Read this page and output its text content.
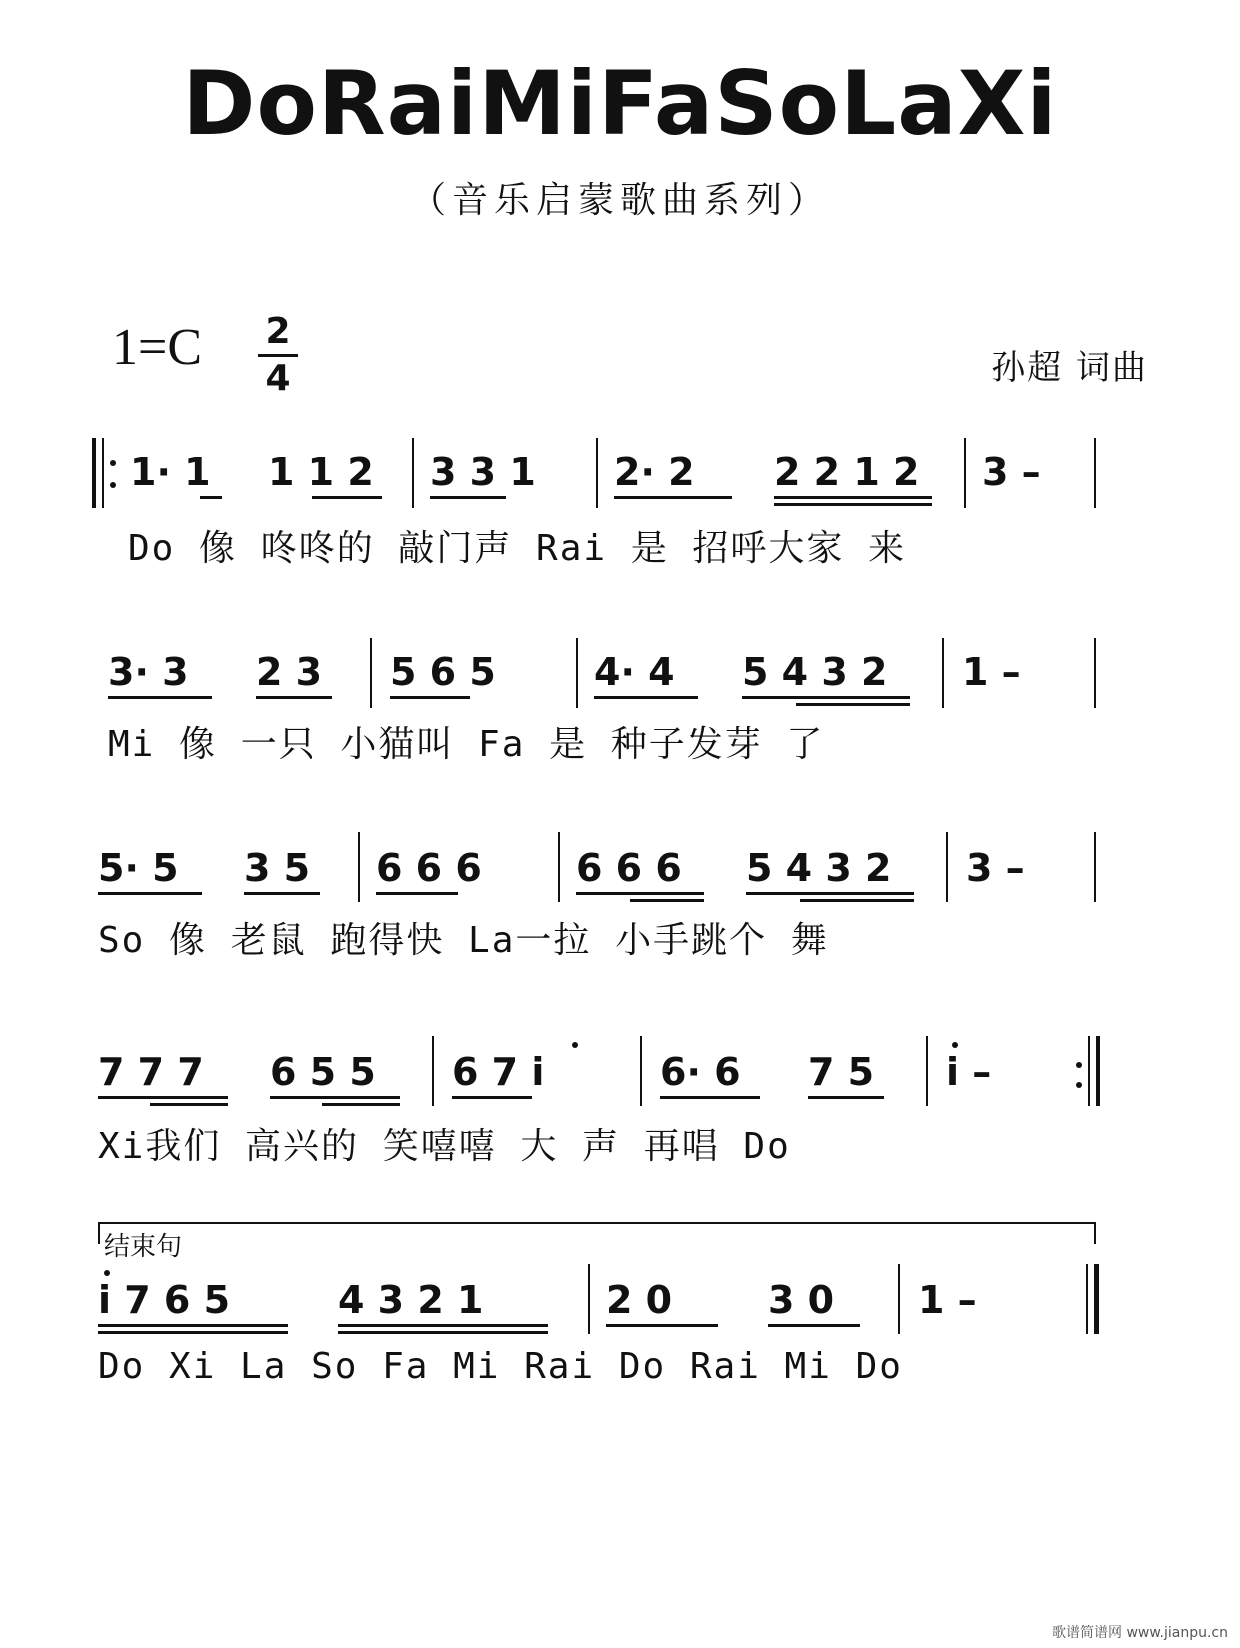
DoRaiMiFaSoLaXi
（音乐启蒙歌曲系列）
1=C 2
4	孙超 词曲
1· 1 1 1 2 3 3 1 2· 2 2 2 1 2 3 –
Do 像 咚咚的 敲门声 Rai 是 招呼大家 来
3· 3 2 3 5 6 5	4· 4 5 4 3 2 1 –
Mi 像 一只 小猫叫 Fa 是 种子发芽 了
5· 5 3 5 6 6 6 6 6 6 5 4 3 2 3 –
So 像 老鼠 跑得快 La一拉 小手跳个 舞
7 7 7 6 5 5 6 7 i	6· 6 7 5 i –
Xi我们 高兴的 笑嘻嘻 大 声 再唱 Do
结束句
i 7 6 5	4 3 2 1	2 0	3 0 1 –
Do Xi La So Fa Mi Rai Do Rai Mi Do
歌谱简谱网 www.jianpu.cn
